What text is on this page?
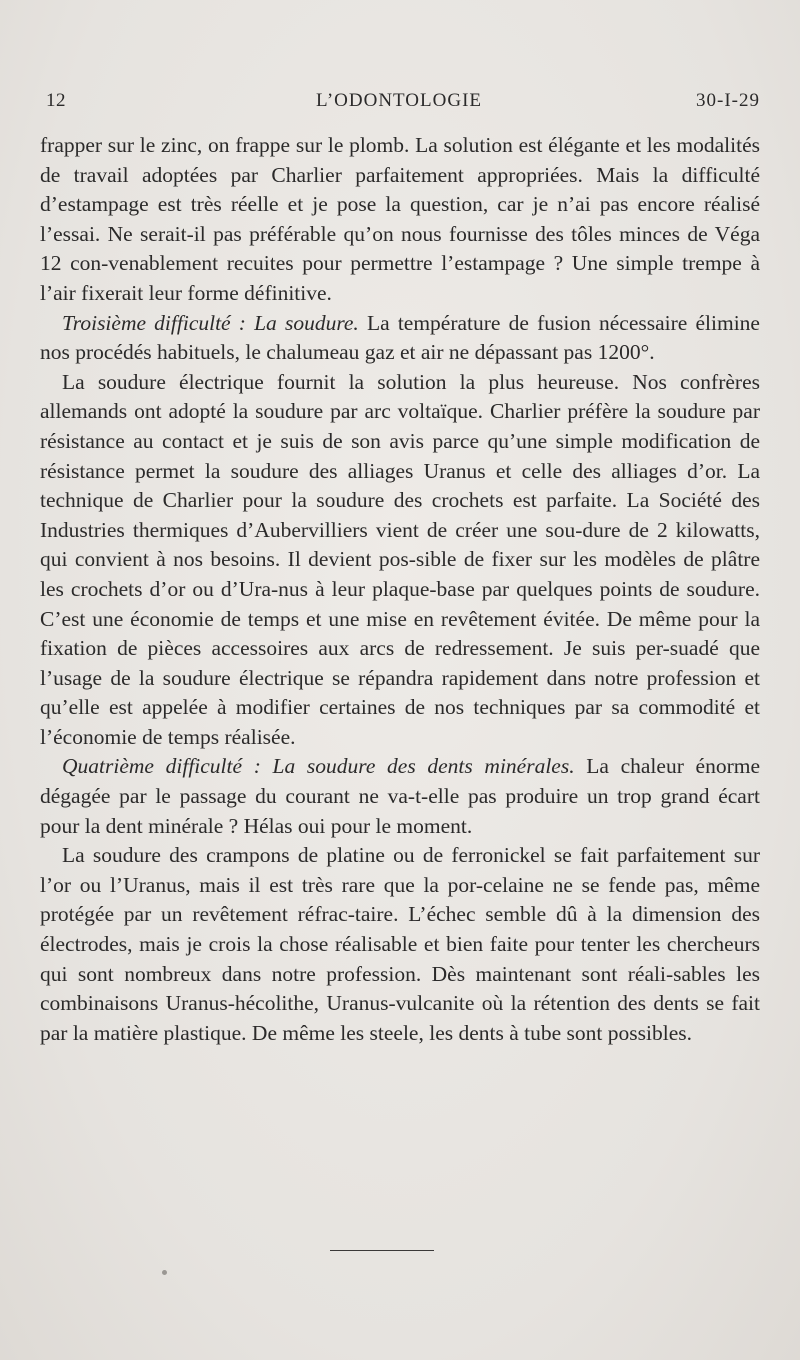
12	L’ODONTOLOGIE	30-I-29

frapper sur le zinc, on frappe sur le plomb. La solution est élégante et les modalités de travail adoptées par Charlier parfaitement appropriées. Mais la difficulté d’estampage est très réelle et je pose la question, car je n’ai pas encore réalisé l’essai. Ne serait-il pas préférable qu’on nous fournisse des tôles minces de Véga 12 con-venablement recuites pour permettre l’estampage ? Une simple trempe à l’air fixerait leur forme définitive.

Troisième difficulté : La soudure. La température de fusion nécessaire élimine nos procédés habituels, le chalumeau gaz et air ne dépassant pas 1200°.

La soudure électrique fournit la solution la plus heureuse. Nos confrères allemands ont adopté la soudure par arc voltaïque. Charlier préfère la soudure par résistance au contact et je suis de son avis parce qu’une simple modification de résistance permet la soudure des alliages Uranus et celle des alliages d’or. La technique de Charlier pour la soudure des crochets est parfaite. La Société des Industries thermiques d’Aubervilliers vient de créer une sou-dure de 2 kilowatts, qui convient à nos besoins. Il devient pos-sible de fixer sur les modèles de plâtre les crochets d’or ou d’Ura-nus à leur plaque-base par quelques points de soudure. C’est une économie de temps et une mise en revêtement évitée. De même pour la fixation de pièces accessoires aux arcs de redressement. Je suis per-suadé que l’usage de la soudure électrique se répandra rapidement dans notre profession et qu’elle est appelée à modifier certaines de nos techniques par sa commodité et l’économie de temps réalisée.

Quatrième difficulté : La soudure des dents minérales. La chaleur énorme dégagée par le passage du courant ne va-t-elle pas produire un trop grand écart pour la dent minérale ? Hélas oui pour le moment.

La soudure des crampons de platine ou de ferronickel se fait parfaitement sur l’or ou l’Uranus, mais il est très rare que la por-celaine ne se fende pas, même protégée par un revêtement réfrac-taire. L’échec semble dû à la dimension des électrodes, mais je crois la chose réalisable et bien faite pour tenter les chercheurs qui sont nombreux dans notre profession. Dès maintenant sont réali-sables les combinaisons Uranus-hécolithe, Uranus-vulcanite où la rétention des dents se fait par la matière plastique. De même les steele, les dents à tube sont possibles.
